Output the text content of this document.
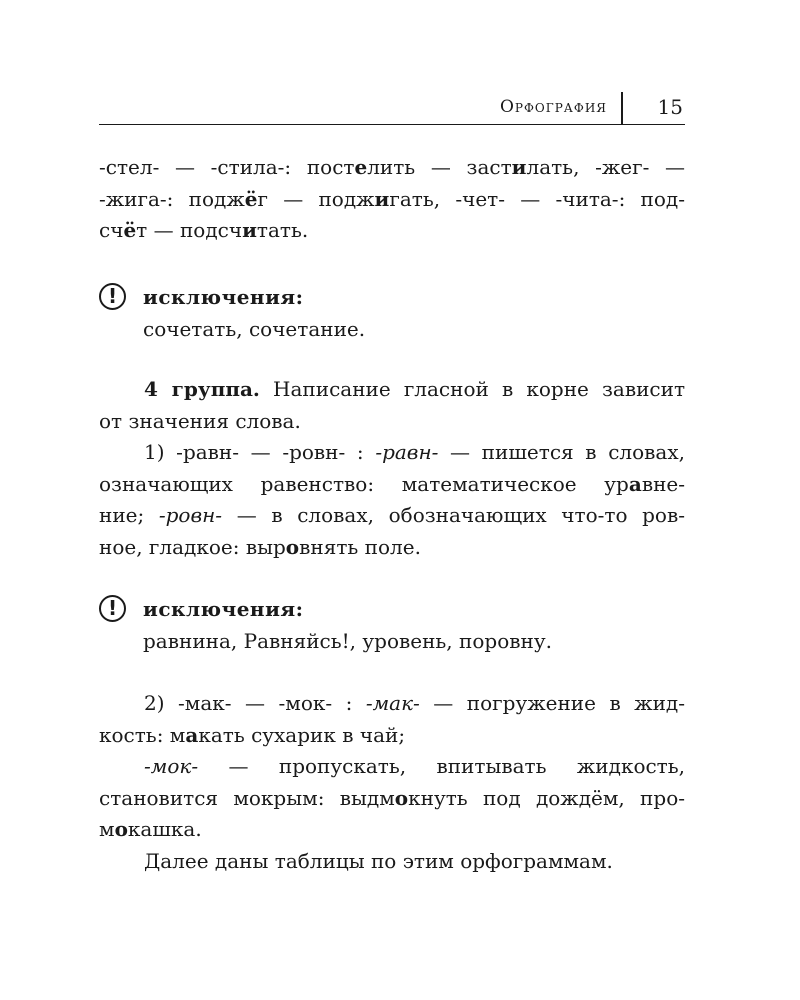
Орфография	15
-стел- — -стила-: постелить — застилать, -жег- —
-жига-: поджёг — поджигать, -чет- — -чита-: под-
счёт — подсчитать.
!	исключения:
сочетать, сочетание.
4 группа. Написание гласной в корне зависит
от значения слова.
1) -равн- — -ровн- : -равн- — пишется в словах,
означающих равенство: математическое уравне-
ние; -ровн- — в словах, обозначающих что-то ров-
ное, гладкое: выровнять поле.
!	исключения:
равнина, Равняйсь!, уровень, поровну.
2) -мак- — -мок- : -мак- — погружение в жид-
кость: макать сухарик в чай;
-мок- — пропускать, впитывать жидкость,
становится мокрым: выдмокнуть под дождём, про-
мокашка.
Далее даны таблицы по этим орфограммам.
